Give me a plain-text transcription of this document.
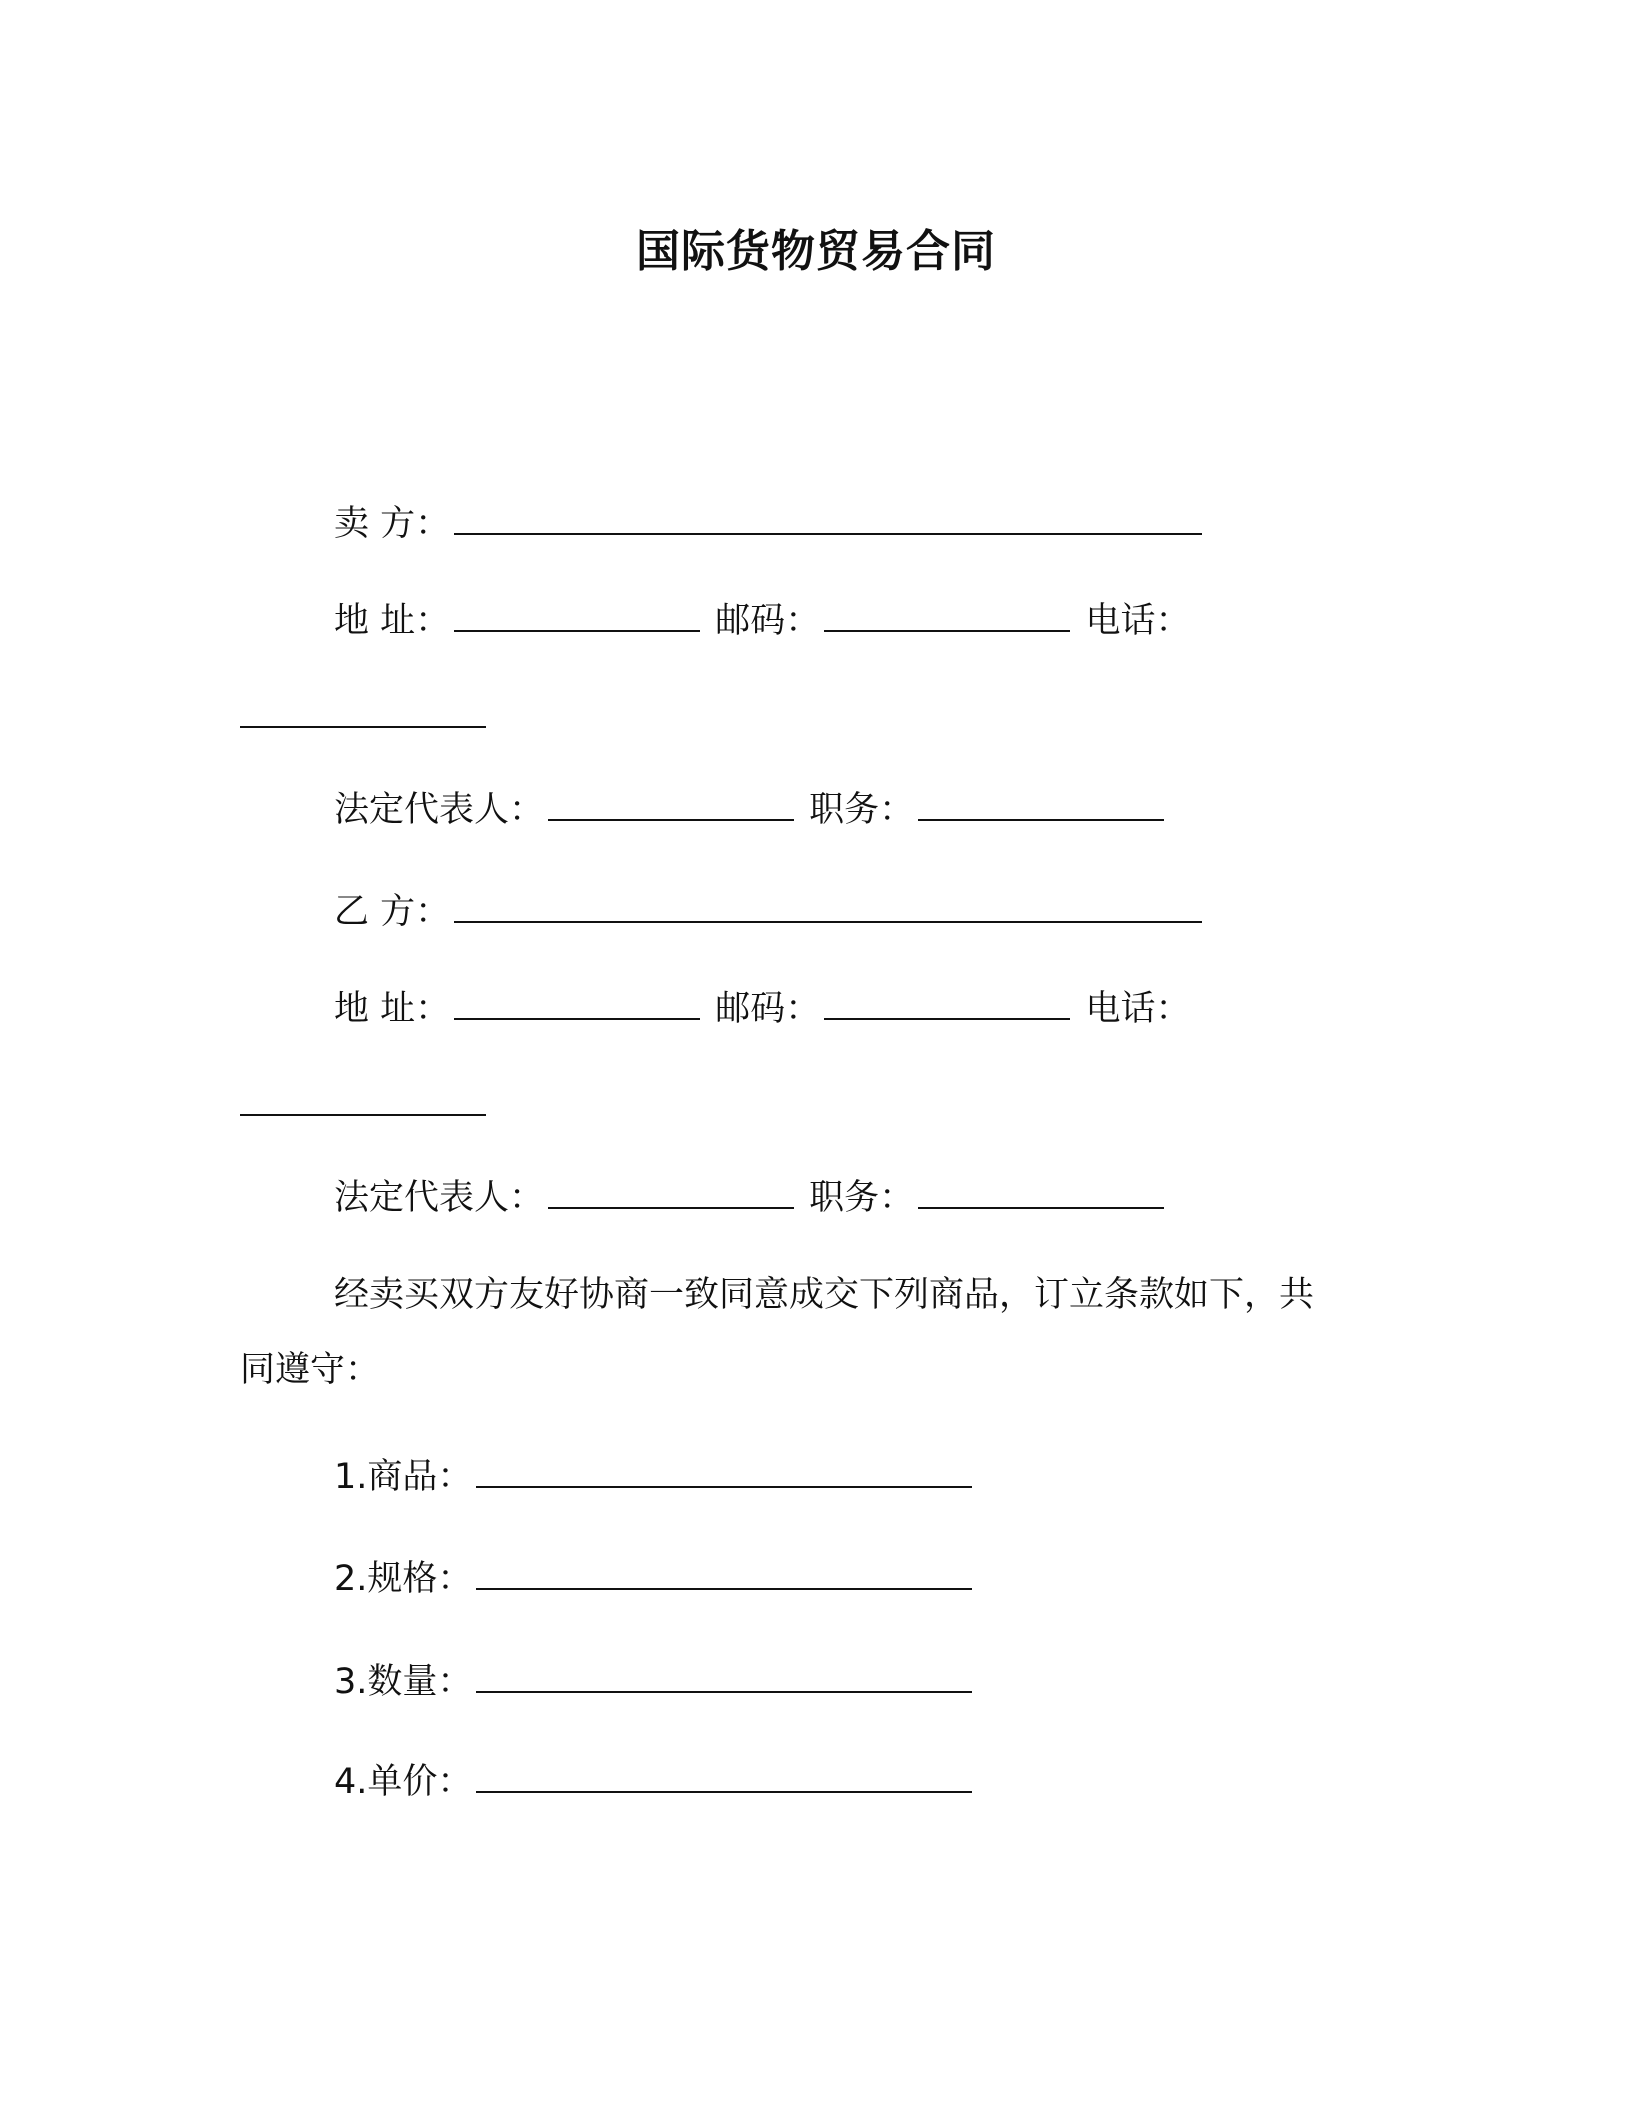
国际货物贸易合同
卖 方：
地 址：	邮码：	电话：
法定代表人：	职务：
乙 方：
地 址：	邮码：	电话：
法定代表人：	职务：
经卖买双方友好协商一致同意成交下列商品，订立条款如下，共
同遵守：
1.商品：
2.规格：
3.数量：
4.单价：
